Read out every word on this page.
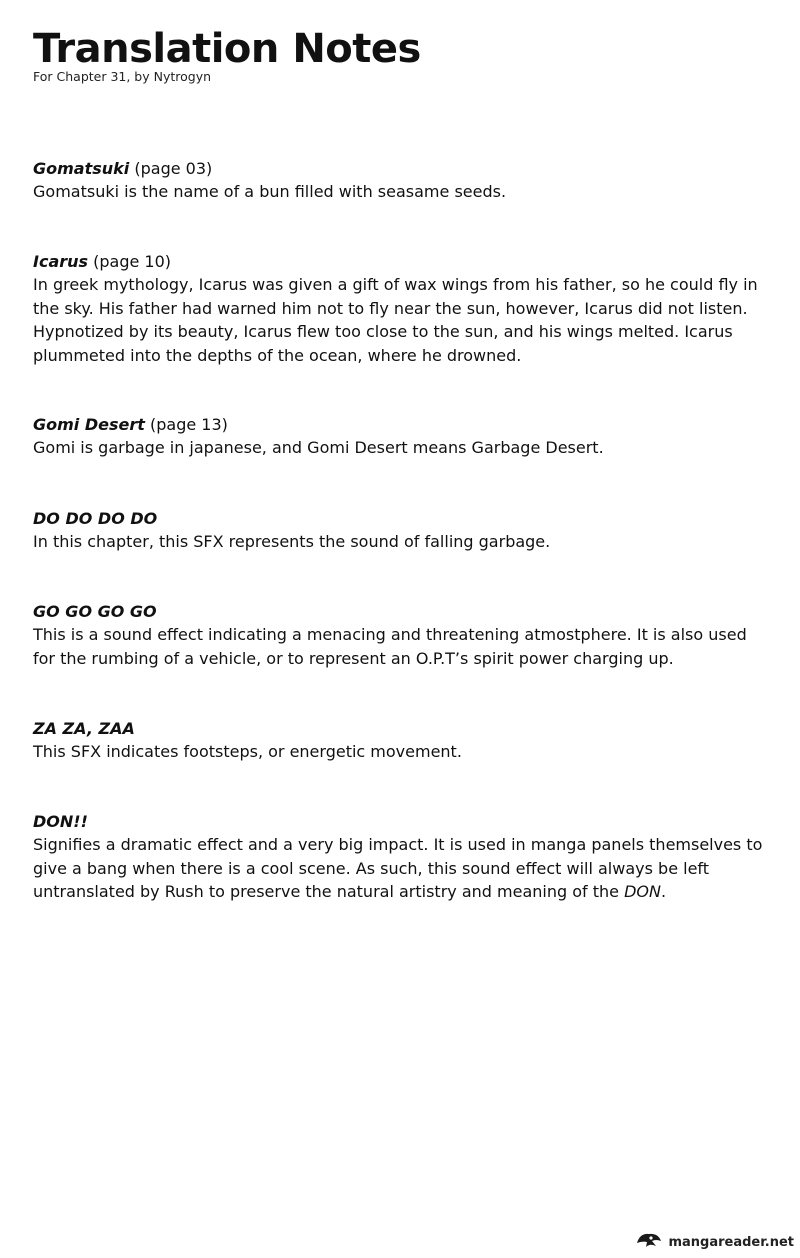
Translation Notes
For Chapter 31, by Nytrogyn
Gomatsuki (page 03)
Gomatsuki is the name of a bun filled with seasame seeds.
Icarus (page 10)
In greek mythology, Icarus was given a gift of wax wings from his father, so he could fly in
the sky. His father had warned him not to fly near the sun, however, Icarus did not listen.
Hypnotized by its beauty, Icarus flew too close to the sun, and his wings melted. Icarus
plummeted into the depths of the ocean, where he drowned.
Gomi Desert (page 13)
Gomi is garbage in japanese, and Gomi Desert means Garbage Desert.
DO DO DO DO
In this chapter, this SFX represents the sound of falling garbage.
GO GO GO GO
This is a sound effect indicating a menacing and threatening atmostphere. It is also used
for the rumbing of a vehicle, or to represent an O.P.T’s spirit power charging up.
ZA ZA, ZAA
This SFX indicates footsteps, or energetic movement.
DON!!
Signifies a dramatic effect and a very big impact. It is used in manga panels themselves to
give a bang when there is a cool scene. As such, this sound effect will always be left
untranslated by Rush to preserve the natural artistry and meaning of the DON.
mangareader.net
